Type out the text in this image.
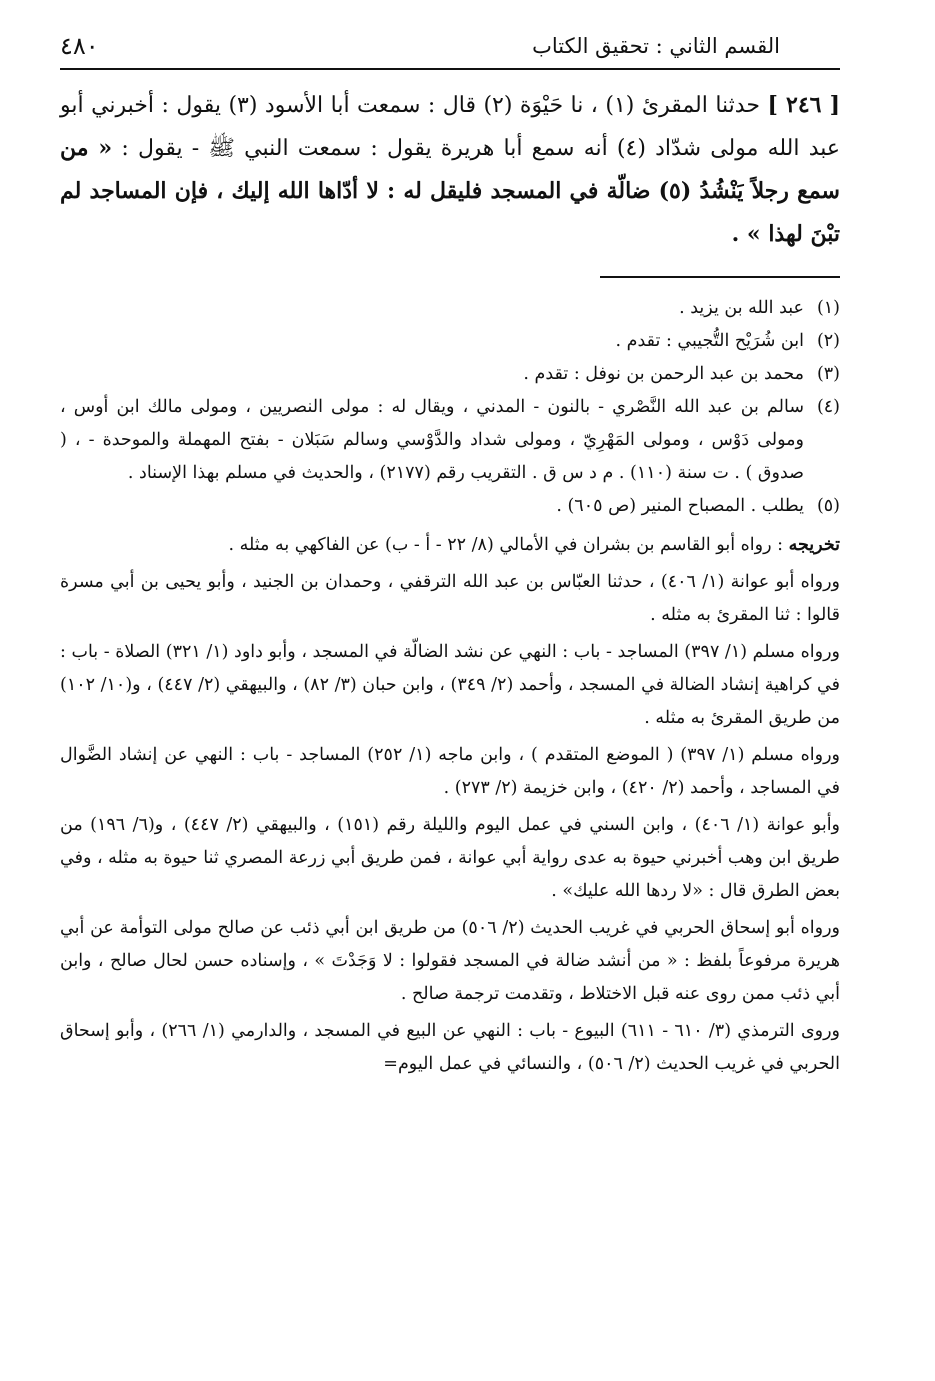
٤٨٠	القسم الثاني : تحقيق الكتاب
[ ٢٤٦ ] حدثنا المقرئ (١) ، نا حَيْوَة (٢) قال : سمعت أبا الأسود (٣) يقول : أخبرني أبو عبد الله مولى شدّاد (٤) أنه سمع أبا هريرة يقول : سمعت النبي ﷺ - يقول : « من سمع رجلاً يَنْشُدُ (٥) ضالّة في المسجد فليقل له : لا أدّاها الله إليك ، فإن المساجد لم تبْنَ لهذا » .
(١)
عبد الله بن يزيد .
(٢)
ابن شُرَيْح التُّجيبي : تقدم .
(٣)
محمد بن عبد الرحمن بن نوفل : تقدم .
(٤)
سالم بن عبد الله النَّصْري - بالنون - المدني ، ويقال له : مولى النصريين ، ومولى مالك ابن أوس ، ومولى دَوْس ، ومولى المَهْرِيّ ، ومولى شداد والدَّوْسي وسالم سَبَلان - بفتح المهملة والموحدة - ، ( صدوق ) . ت سنة (١١٠) . م د س ق . التقريب رقم (٢١٧٧) ، والحديث في مسلم بهذا الإسناد .
(٥)
يطلب . المصباح المنير (ص ٦٠٥) .

تخريجه : رواه أبو القاسم بن بشران في الأمالي (٨/ ٢٢ - أ - ب) عن الفاكهي به مثله .

ورواه أبو عوانة (١/ ٤٠٦) ، حدثنا العبّاس بن عبد الله الترقفي ، وحمدان بن الجنيد ، وأبو يحيى بن أبي مسرة قالوا : ثنا المقرئ به مثله .

ورواه مسلم (١/ ٣٩٧) المساجد - باب : النهي عن نشد الضالّة في المسجد ، وأبو داود (١/ ٣٢١) الصلاة - باب : في كراهية إنشاد الضالة في المسجد ، وأحمد (٢/ ٣٤٩) ، وابن حبان (٣/ ٨٢) ، والبيهقي (٢/ ٤٤٧) ، و(١٠/ ١٠٢) من طريق المقرئ به مثله .

ورواه مسلم (١/ ٣٩٧) ( الموضع المتقدم ) ، وابن ماجه (١/ ٢٥٢) المساجد - باب : النهي عن إنشاد الضَّوال في المساجد ، وأحمد (٢/ ٤٢٠) ، وابن خزيمة (٢/ ٢٧٣) .

وأبو عوانة (١/ ٤٠٦) ، وابن السني في عمل اليوم والليلة رقم (١٥١) ، والبيهقي (٢/ ٤٤٧) ، و(٦/ ١٩٦) من طريق ابن وهب أخبرني حيوة به عدى رواية أبي عوانة ، فمن طريق أبي زرعة المصري ثنا حيوة به مثله ، وفي بعض الطرق قال : «لا ردها الله عليك» .

ورواه أبو إسحاق الحربي في غريب الحديث (٢/ ٥٠٦) من طريق ابن أبي ذئب عن صالح مولى التوأمة عن أبي هريرة مرفوعاً بلفظ : « من أنشد ضالة في المسجد فقولوا : لا وَجَدْتَ » ، وإسناده حسن لحال صالح ، وابن أبي ذئب ممن روى عنه قبل الاختلاط ، وتقدمت ترجمة صالح .

وروى الترمذي (٣/ ٦١٠ - ٦١١) البيوع - باب : النهي عن البيع في المسجد ، والدارمي (١/ ٢٦٦) ، وأبو إسحاق الحربي في غريب الحديث (٢/ ٥٠٦) ، والنسائي في عمل اليوم=
